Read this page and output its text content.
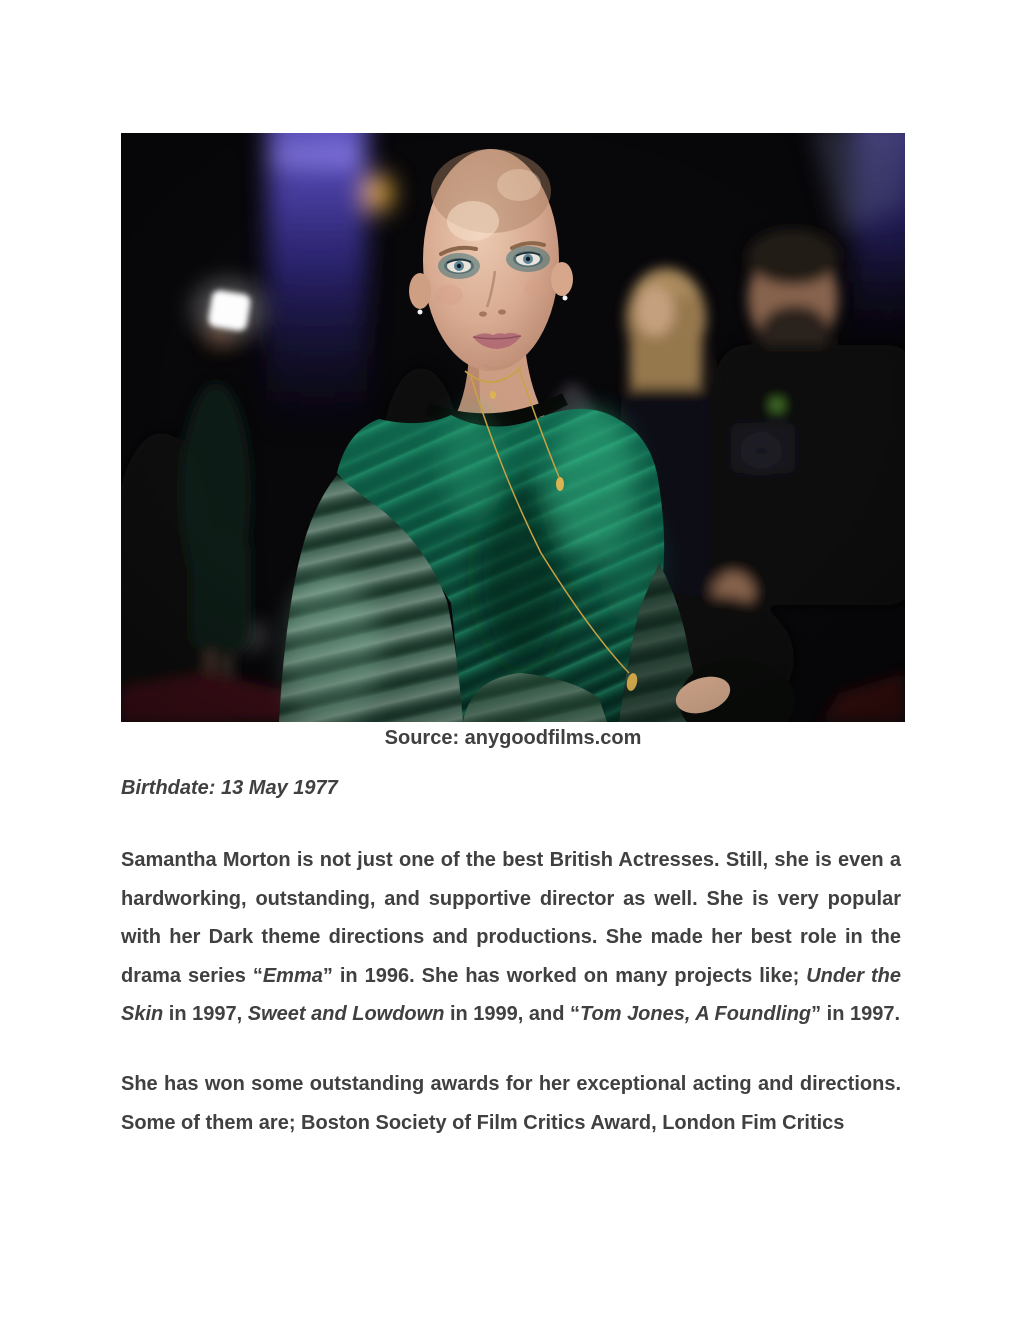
Source: anygoodfilms.com

Birthdate: 13 May 1977

Samantha Morton is not just one of the best British Actresses. Still, she is even a hardworking, outstanding, and supportive director as well. She is very popular with her Dark theme directions and productions. She made her best role in the drama series “Emma” in 1996. She has worked on many projects like; Under the Skin in 1997, Sweet and Lowdown in 1999, and “Tom Jones, A Foundling” in 1997.

She has won some outstanding awards for her exceptional acting and directions. Some of them are; Boston Society of Film Critics Award, London Fim Critics
